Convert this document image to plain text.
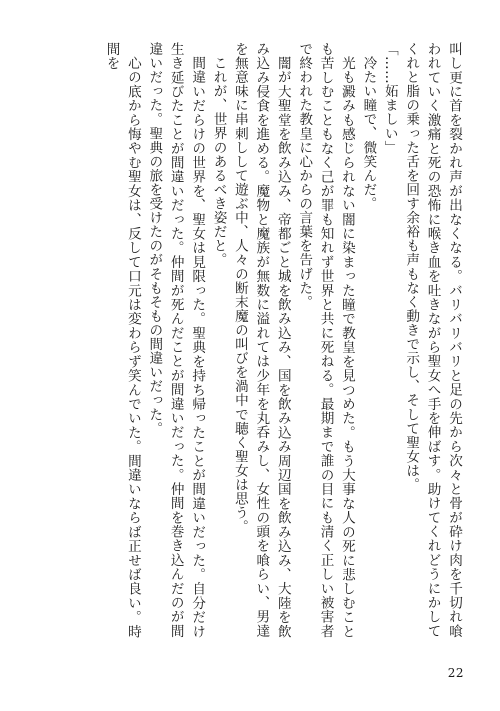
叫し更に首を裂かれ声が出なくなる。バリバリバリと足の先から次々と骨が砕け肉を千切れ喰われていく激痛と死の恐怖に喉き血を吐きながら聖女へ手を伸ばす。助けてくれどうにかしてくれと脂の乗った舌を回す余裕も声もなく動きで示し、そして聖女は。

「……妬ましい」

冷たい瞳で、微笑んだ。

光も澱みも感じられない闇に染まった瞳で教皇を見つめた。もう大事な人の死に悲しむことも苦しむこともなく己が罪も知れず世界と共に死ねる。最期まで誰の目にも清く正しい被害者で終われた教皇に心からの言葉を告げた。

闇が大聖堂を飲み込み、帝都ごと城を飲み込み、国を飲み込み周辺国を飲み込み、大陸を飲み込み侵食を進める。魔物と魔族が無数に溢れては少年を丸呑みし、女性の頭を喰らい、男達を無意味に串刺しして遊ぶ中、人々の断末魔の叫びを渦中で聴く聖女は思う。

これが、世界のあるべき姿だと。

間違いだらけの世界を、聖女は見限った。聖典を持ち帰ったことが間違いだった。自分だけ生き延びたことが間違いだった。仲間が死んだことが間違いだった。仲間を巻き込んだのが間違いだった。聖典の旅を受けたのがそもそもの間違いだった。

心の底から悔やむ聖女は、反して口元は変わらず笑んでいた。間違いならば正せば良い。時間を

22
